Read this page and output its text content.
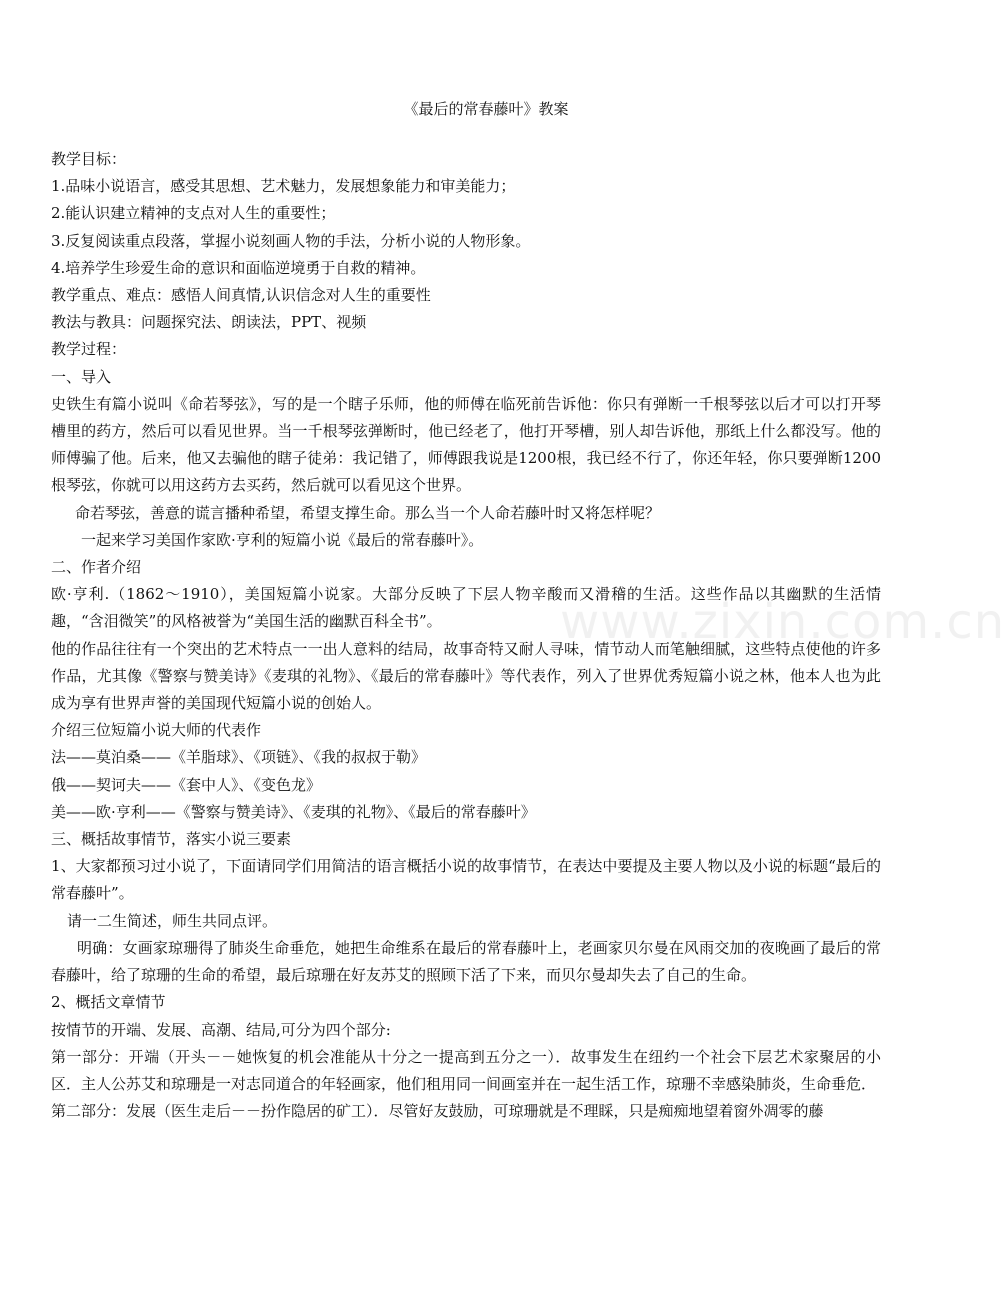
www.zixin.com.cn
《最后的常春藤叶》教案
教学目标：
1.品味小说语言，感受其思想、艺术魅力，发展想象能力和审美能力；
2.能认识建立精神的支点对人生的重要性；
3.反复阅读重点段落，掌握小说刻画人物的手法，分析小说的人物形象。
4.培养学生珍爱生命的意识和面临逆境勇于自救的精神。
教学重点、难点：感悟人间真情,认识信念对人生的重要性
教法与教具：问题探究法、朗读法，PPT、视频
教学过程：
一、导入
史铁生有篇小说叫《命若琴弦》，写的是一个瞎子乐师，他的师傅在临死前告诉他：你只有弹断一千根琴弦以后才可以打开琴槽里的药方，然后可以看见世界。当一千根琴弦弹断时，他已经老了，他打开琴槽，别人却告诉他，那纸上什么都没写。他的师傅骗了他。后来，他又去骗他的瞎子徒弟：我记错了，师傅跟我说是1200根，我已经不行了，你还年轻，你只要弹断1200根琴弦，你就可以用这药方去买药，然后就可以看见这个世界。
命若琴弦，善意的谎言播种希望，希望支撑生命。那么当一个人命若藤叶时又将怎样呢？
一起来学习美国作家欧·亨利的短篇小说《最后的常春藤叶》。
二、作者介绍
欧·亨利.（1862～1910），美国短篇小说家。大部分反映了下层人物辛酸而又滑稽的生活。这些作品以其幽默的生活情趣，“含泪微笑”的风格被誉为“美国生活的幽默百科全书”。
他的作品往往有一个突出的艺术特点一一出人意料的结局，故事奇特又耐人寻味，情节动人而笔触细腻，这些特点使他的许多作品，尤其像《警察与赞美诗》《麦琪的礼物》、《最后的常春藤叶》等代表作，列入了世界优秀短篇小说之林，他本人也为此成为享有世界声誉的美国现代短篇小说的创始人。
介绍三位短篇小说大师的代表作
法——莫泊桑——《羊脂球》、《项链》、《我的叔叔于勒》
俄——契诃夫——《套中人》、《变色龙》
美——欧·亨利——《警察与赞美诗》、《麦琪的礼物》、《最后的常春藤叶》
三、概括故事情节，落实小说三要素
1、大家都预习过小说了，下面请同学们用简洁的语言概括小说的故事情节，在表达中要提及主要人物以及小说的标题“最后的常春藤叶”。
请一二生简述，师生共同点评。
明确：女画家琼珊得了肺炎生命垂危，她把生命维系在最后的常春藤叶上，老画家贝尔曼在风雨交加的夜晚画了最后的常春藤叶，给了琼珊的生命的希望，最后琼珊在好友苏艾的照顾下活了下来，而贝尔曼却失去了自己的生命。
2、概括文章情节
按情节的开端、发展、高潮、结局,可分为四个部分:
第一部分：开端（开头－－她恢复的机会准能从十分之一提高到五分之一）．故事发生在纽约一个社会下层艺术家聚居的小区．主人公苏艾和琼珊是一对志同道合的年轻画家，他们租用同一间画室并在一起生活工作，琼珊不幸感染肺炎，生命垂危．
第二部分：发展（医生走后－－扮作隐居的矿工）．尽管好友鼓励，可琼珊就是不理睬，只是痴痴地望着窗外凋零的藤
